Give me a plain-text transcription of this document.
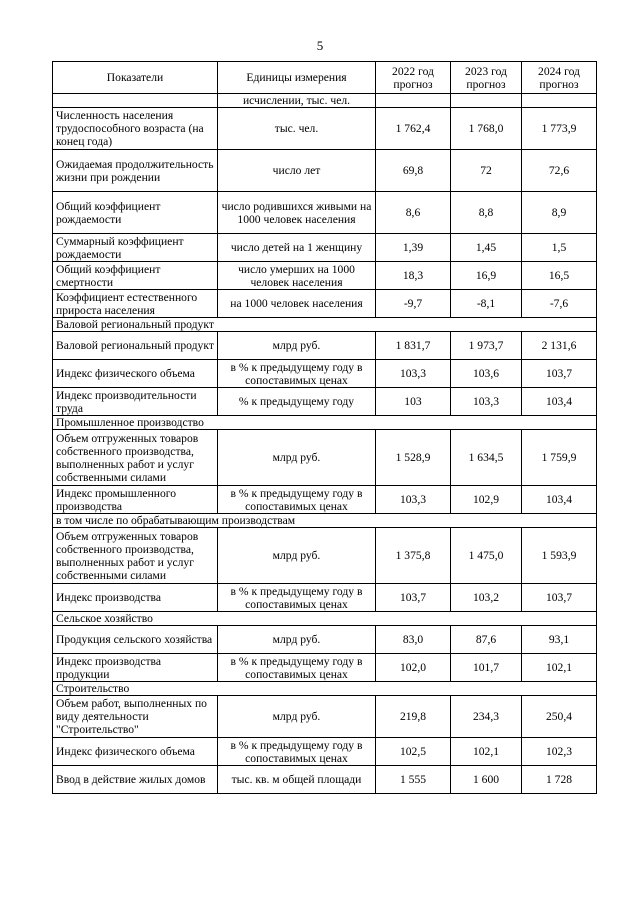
5
Показатели	Единицы измерения	2022 год прогноз	2023 год прогноз	2024 год прогноз
	исчислении, тыс. чел.			
Численность населения трудоспособного возраста (на конец года)	тыс. чел.	1 762,4	1 768,0	1 773,9
Ожидаемая продолжительность жизни при рождении	число лет	69,8	72	72,6
Общий коэффициент рождаемости	число родившихся живыми на 1000 человек населения	8,6	8,8	8,9
Суммарный коэффициент рождаемости	число детей на 1 женщину	1,39	1,45	1,5
Общий коэффициент смертности	число умерших на 1000 человек населения	18,3	16,9	16,5
Коэффициент естественного прироста населения	на 1000 человек населения	-9,7	-8,1	-7,6
Валовой региональный продукт				
Валовой региональный продукт	млрд руб.	1 831,7	1 973,7	2 131,6
Индекс физического объема	в % к предыдущему году в сопоставимых ценах	103,3	103,6	103,7
Индекс производительности труда	% к предыдущему году	103	103,3	103,4
Промышленное производство				
Объем отгруженных товаров собственного производства, выполненных работ и услуг собственными силами	млрд руб.	1 528,9	1 634,5	1 759,9
Индекс промышленного производства	в % к предыдущему году в сопоставимых ценах	103,3	102,9	103,4
в том числе по обрабатывающим производствам				
Объем отгруженных товаров собственного производства, выполненных работ и услуг собственными силами	млрд руб.	1 375,8	1 475,0	1 593,9
Индекс производства	в % к предыдущему году в сопоставимых ценах	103,7	103,2	103,7
Сельское хозяйство				
Продукция сельского хозяйства	млрд руб.	83,0	87,6	93,1
Индекс производства продукции	в % к предыдущему году в сопоставимых ценах	102,0	101,7	102,1
Строительство				
Объем работ, выполненных по виду деятельности "Строительство"	млрд руб.	219,8	234,3	250,4
Индекс физического объема	в % к предыдущему году в сопоставимых ценах	102,5	102,1	102,3
Ввод в действие жилых домов	тыс. кв. м общей площади	1 555	1 600	1 728
